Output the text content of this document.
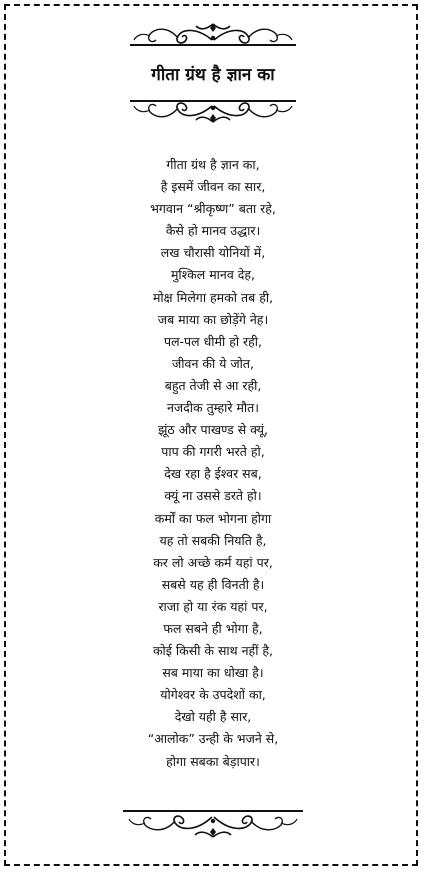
गीता ग्रंथ है ज्ञान का
गीता ग्रंथ है ज्ञान का,
है इसमें जीवन का सार,
भगवान “श्रीकृष्ण” बता रहे,
कैसे हो मानव उद्धार।
लख चौरासी योनियों में,
मुश्किल मानव देह,
मोक्ष मिलेगा हमको तब ही,
जब माया का छोड़ेंगे नेह।
पल-पल धीमी हो रही,
जीवन की ये जोत,
बहुत तेजी से आ रही,
नजदीक तुम्हारे मौत।
झूंठ और पाखण्ड से क्यूं,
पाप की गगरी भरते हो,
देख रहा है ईश्वर सब,
क्यूं ना उससे डरते हो।
कर्मों का फल भोगना होगा
यह तो सबकी नियति है,
कर लो अच्छे कर्म यहां पर,
सबसे यह ही विनती है।
राजा हो या रंक यहां पर,
फल सबने ही भोगा है,
कोई किसी के साथ नहीं है,
सब माया का धोखा है।
योगेश्वर के उपदेशों का,
देखो यही है सार,
“आलोक” उन्ही के भजने से,
होगा सबका बेड़ापार।
